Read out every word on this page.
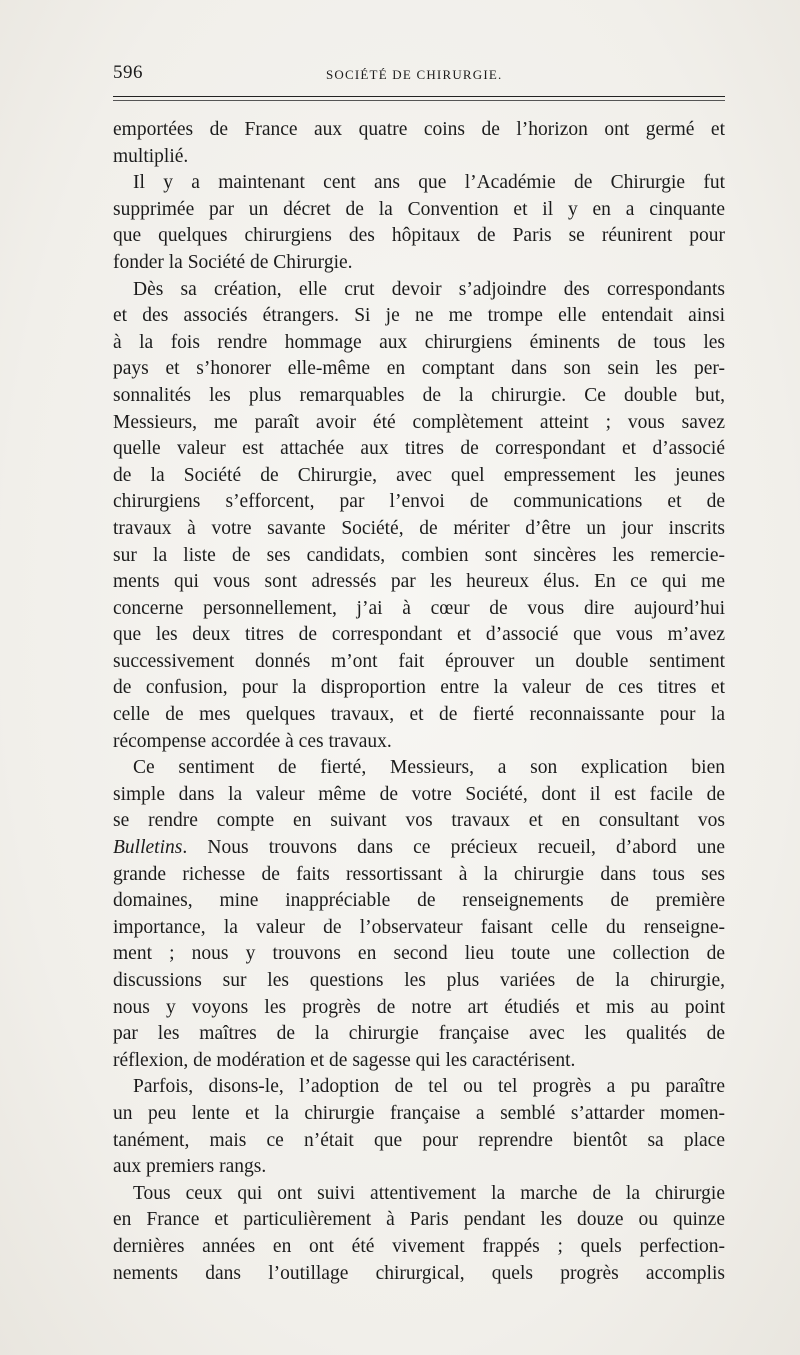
596	SOCIÉTÉ DE CHIRURGIE.
emportées de France aux quatre coins de l’horizon ont germé et
multiplié.
Il y a maintenant cent ans que l’Académie de Chirurgie fut
supprimée par un décret de la Convention et il y en a cinquante
que quelques chirurgiens des hôpitaux de Paris se réunirent pour
fonder la Société de Chirurgie.
Dès sa création, elle crut devoir s’adjoindre des correspondants
et des associés étrangers. Si je ne me trompe elle entendait ainsi
à la fois rendre hommage aux chirurgiens éminents de tous les
pays et s’honorer elle-même en comptant dans son sein les per-
sonnalités les plus remarquables de la chirurgie. Ce double but,
Messieurs, me paraît avoir été complètement atteint ; vous savez
quelle valeur est attachée aux titres de correspondant et d’associé
de la Société de Chirurgie, avec quel empressement les jeunes
chirurgiens s’efforcent, par l’envoi de communications et de
travaux à votre savante Société, de mériter d’être un jour inscrits
sur la liste de ses candidats, combien sont sincères les remercie-
ments qui vous sont adressés par les heureux élus. En ce qui me
concerne personnellement, j’ai à cœur de vous dire aujourd’hui
que les deux titres de correspondant et d’associé que vous m’avez
successivement donnés m’ont fait éprouver un double sentiment
de confusion, pour la disproportion entre la valeur de ces titres et
celle de mes quelques travaux, et de fierté reconnaissante pour la
récompense accordée à ces travaux.
Ce sentiment de fierté, Messieurs, a son explication bien
simple dans la valeur même de votre Société, dont il est facile de
se rendre compte en suivant vos travaux et en consultant vos
Bulletins. Nous trouvons dans ce précieux recueil, d’abord une
grande richesse de faits ressortissant à la chirurgie dans tous ses
domaines, mine inappréciable de renseignements de première
importance, la valeur de l’observateur faisant celle du renseigne-
ment ; nous y trouvons en second lieu toute une collection de
discussions sur les questions les plus variées de la chirurgie,
nous y voyons les progrès de notre art étudiés et mis au point
par les maîtres de la chirurgie française avec les qualités de
réflexion, de modération et de sagesse qui les caractérisent.
Parfois, disons-le, l’adoption de tel ou tel progrès a pu paraître
un peu lente et la chirurgie française a semblé s’attarder momen-
tanément, mais ce n’était que pour reprendre bientôt sa place
aux premiers rangs.
Tous ceux qui ont suivi attentivement la marche de la chirurgie
en France et particulièrement à Paris pendant les douze ou quinze
dernières années en ont été vivement frappés ; quels perfection-
nements dans l’outillage chirurgical, quels progrès accomplis
